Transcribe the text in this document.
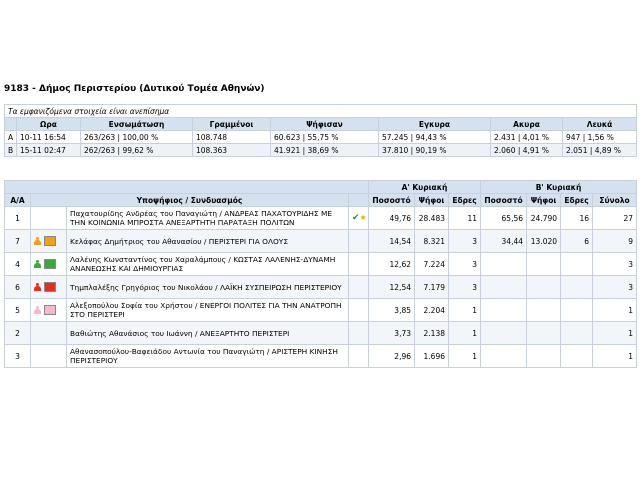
9183 - Δήμος Περιστερίου (Δυτικού Τομέα Αθηνών)
Τα εμφανιζόμενα στοιχεία είναι ανεπίσημα							
	Ωρα	Ενσωμάτωση	Γραμμένοι	Ψήφισαν	Εγκυρα	Ακυρα	Λευκά
A	10-11 16:54	263/263 | 100,00 %	108.748	60.623 | 55,75 %	57.245 | 94,43 %	2.431 | 4,01 %	947 | 1,56 %
B	15-11 02:47	262/263 | 99,62 %	108.363	41.921 | 38,69 %	37.810 | 90,19 %	2.060 | 4,91 %	2.051 | 4,89 %
				Α' Κυριακή			Β' Κυριακή			
Α/Α	Υποψήφιος / Συνδυασμός			Ποσοστό	Ψήφοι	Εδρες	Ποσοστό	Ψήφοι	Εδρες	Σύνολο
1		Παχατουρίδης Ανδρέας του Παναγιώτη / ΑΝΔΡΕΑΣ ΠΑΧΑΤΟΥΡΙΔΗΣ ΜΕ ΤΗΝ ΚΟΙΝΩΝΙΑ ΜΠΡΟΣΤΑ ΑΝΕΞΑΡΤΗΤΗ ΠΑΡΑΤΑΞΗ ΠΟΛΙΤΩΝ	✔★	49,76	28.483	11	65,56	24.790	16	27
7		Κελάφας Δημήτριος του Αθανασίου / ΠΕΡΙΣΤΕΡΙ ΓΙΑ ΟΛΟΥΣ		14,54	8.321	3	34,44	13.020	6	9
4		Λαλένης Κωνσταντίνος του Χαραλάμπους / ΚΩΣΤΑΣ ΛΑΛΕΝΗΣ-ΔΥΝΑΜΗ ΑΝΑΝΕΩΣΗΣ ΚΑΙ ΔΗΜΙΟΥΡΓΙΑΣ		12,62	7.224	3				3
6		Τημπλαλέξης Γρηγόριος του Νικολάου / ΛΑΪΚΗ ΣΥΣΠΕΙΡΩΣΗ ΠΕΡΙΣΤΕΡΙΟΥ		12,54	7.179	3				3
5		Αλεξοπούλου Σοφία του Χρήστου / ΕΝΕΡΓΟΙ ΠΟΛΙΤΕΣ ΓΙΑ ΤΗΝ ΑΝΑΤΡΟΠΗ ΣΤΟ ΠΕΡΙΣΤΕΡΙ		3,85	2.204	1				1
2		Βαθιώτης Αθανάσιος του Ιωάννη / ΑΝΕΞΑΡΤΗΤΟ ΠΕΡΙΣΤΕΡΙ		3,73	2.138	1				1
3		Αθανασοπούλου-Βαφειάδου Αντωνία του Παναγιώτη / ΑΡΙΣΤΕΡΗ ΚΙΝΗΣΗ ΠΕΡΙΣΤΕΡΙΟΥ		2,96	1.696	1				1
